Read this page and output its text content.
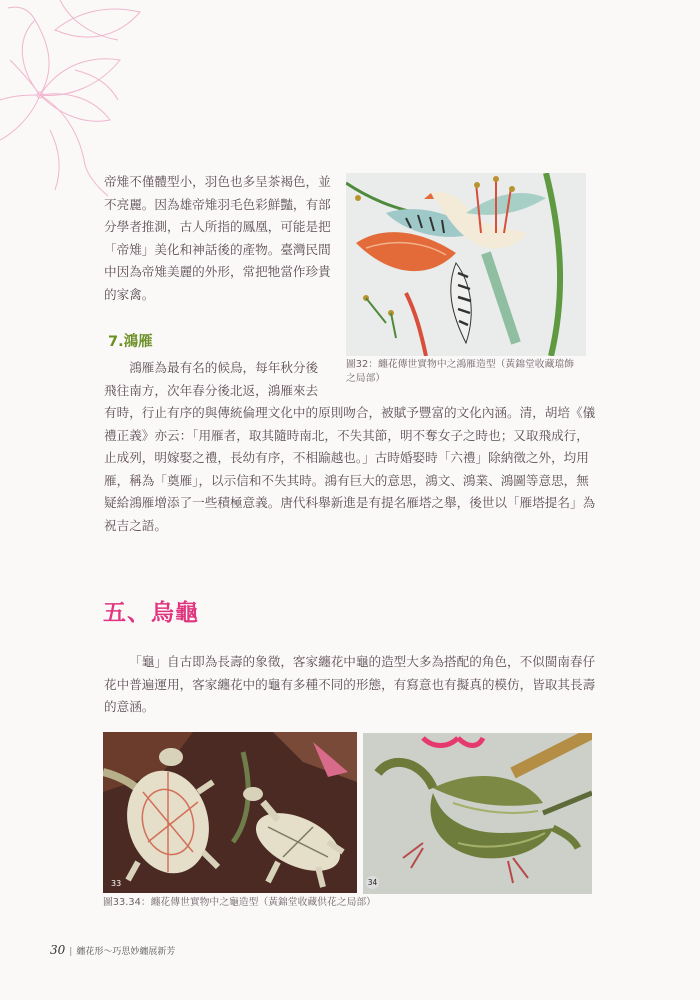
帝雉不僅體型小，羽色也多呈茶褐色，並
不亮麗。因為雄帝雉羽毛色彩鮮豔，有部
分學者推測，古人所指的鳳凰，可能是把
「帝雉」美化和神話後的產物。臺灣民間
中因為帝雉美麗的外形，常把牠當作珍貴
的家禽。

7.鴻雁

鴻雁為最有名的候鳥，每年秋分後
飛往南方，次年春分後北返，鴻雁來去

圖32：纏花傳世實物中之鴻雁造型（黃錦堂收藏璫飾
之局部）

有時，行止有序的與傳統倫理文化中的原則吻合，被賦予豐富的文化內涵。清，胡培《儀
禮正義》亦云：「用雁者，取其隨時南北，不失其節，明不奪女子之時也；又取飛成行，
止成列，明嫁娶之禮，長幼有序，不相踰越也。」古時婚娶時「六禮」除納徵之外，均用
雁，稱為「奠雁」，以示信和不失其時。鴻有巨大的意思，鴻文、鴻業、鴻圖等意思，無
疑給鴻雁增添了一些積極意義。唐代科舉新進是有提名雁塔之舉，後世以「雁塔提名」為
祝吉之語。

五、烏龜

「龜」自古即為長壽的象徵，客家纏花中龜的造型大多為搭配的角色，不似閩南春仔
花中普遍運用，客家纏花中的龜有多種不同的形態，有寫意也有擬真的模仿，皆取其長壽
的意涵。

33	34
圖33.34：纏花傳世實物中之龜造型（黃錦堂收藏供花之局部）
30 | 纏花形～巧思妙纏展新芳
